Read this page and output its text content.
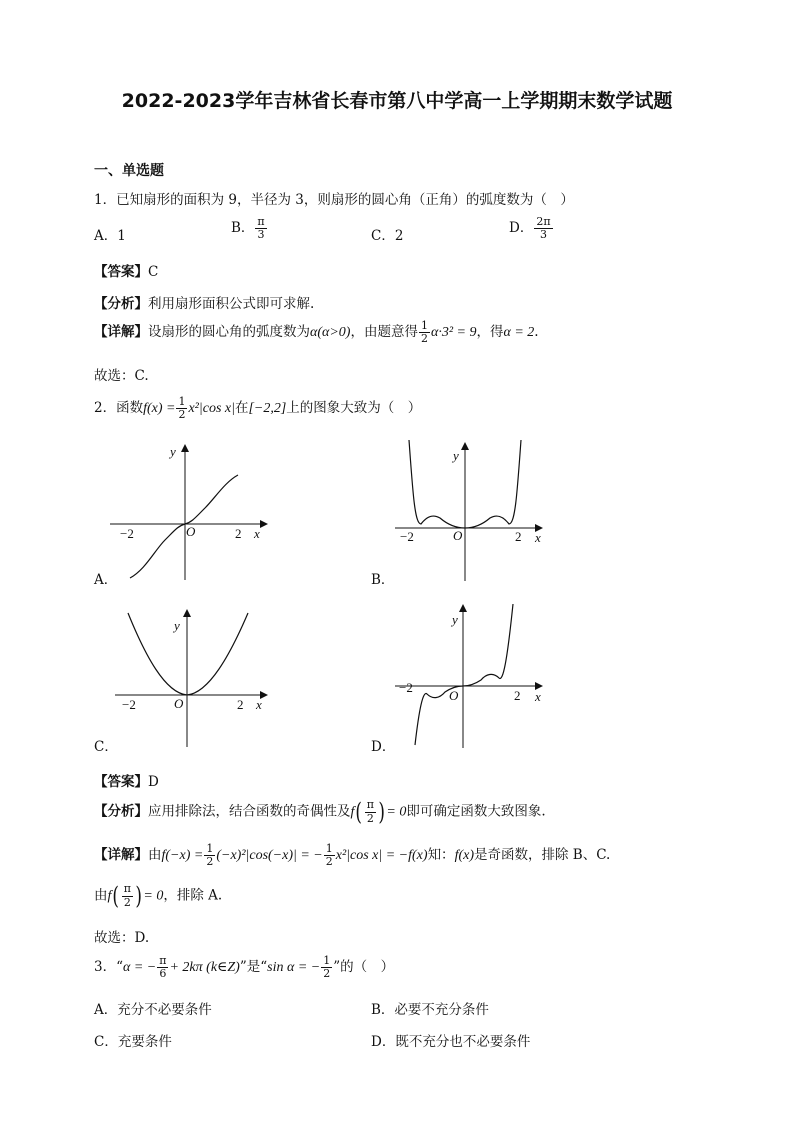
2022-2023学年吉林省长春市第八中学高一上学期期末数学试题
一、单选题
1．已知扇形的面积为 9，半径为 3，则扇形的圆心角（正角）的弧度数为（　）
A．1	B． $\frac{\pi}{3}$	C．2	D． $\frac{2\pi}{3}$
【答案】C
【分析】利用扇形面积公式即可求解.
【详解】设扇形的圆心角的弧度数为α(α>0)，由题意得 $\frac{1}{2} \alpha\cdot 3^2 = 9$，得α = 2.
故选：C.
2．函数$f(x) = \frac{1}{2} x^2|\cos$ x|在[−2,2]上的图象大致为（　）
A．
y
x
O
−2	2
B．
y
x
O
−2	2
C．
y
x
O
−2	2
D．
y
x
O
−2
2
【答案】D
【分析】应用排除法，结合函数的奇偶性及$f( \frac{\pi}{2}$ )= 0即可确定函数大致图象.
【详解】由$f(-x) = \frac{1}{2} (-x)^2|\cos(-x)|$ = − $\frac{1}{2} x^2|\cos$ x| = −f(x)知：f(x)是奇函数，排除 B、C.
由$f( \frac{\pi}{2}$ )= 0，排除 A.
故选：D.
3．“α = − $\frac{\pi}{6} + 2k\pi$ (k∈Z)”是“sin α = − $\frac{1}{2}$ ”的（　）
A．充分不必要条件	B．必要不充分条件
C．充要条件	D．既不充分也不必要条件
